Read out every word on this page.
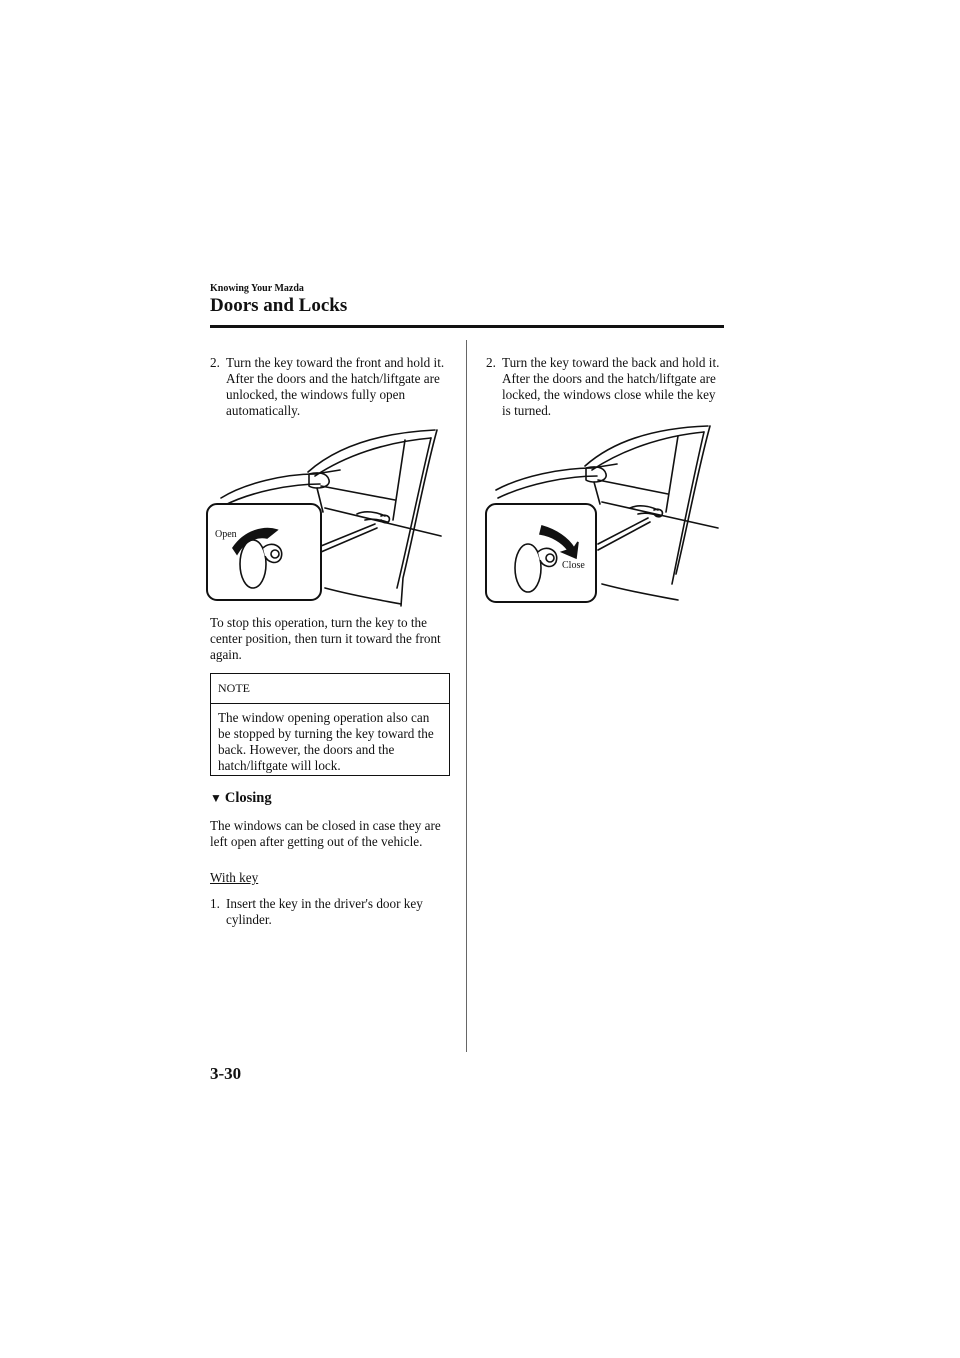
Knowing Your Mazda
Doors and Locks
2. Turn the key toward the front and hold it. After the doors and the hatch/liftgate are unlocked, the windows fully open automatically.
Open

To stop this operation, turn the key to the center position, then turn it toward the front again.

NOTE
The window opening operation also can be stopped by turning the key toward the back. However, the doors and the hatch/liftgate will lock.
▼ Closing

The windows can be closed in case they are left open after getting out of the vehicle.

With key
1. Insert the key in the driver's door key cylinder.
2. Turn the key toward the back and hold it. After the doors and the hatch/liftgate are locked, the windows close while the key is turned.
Close
3-30
